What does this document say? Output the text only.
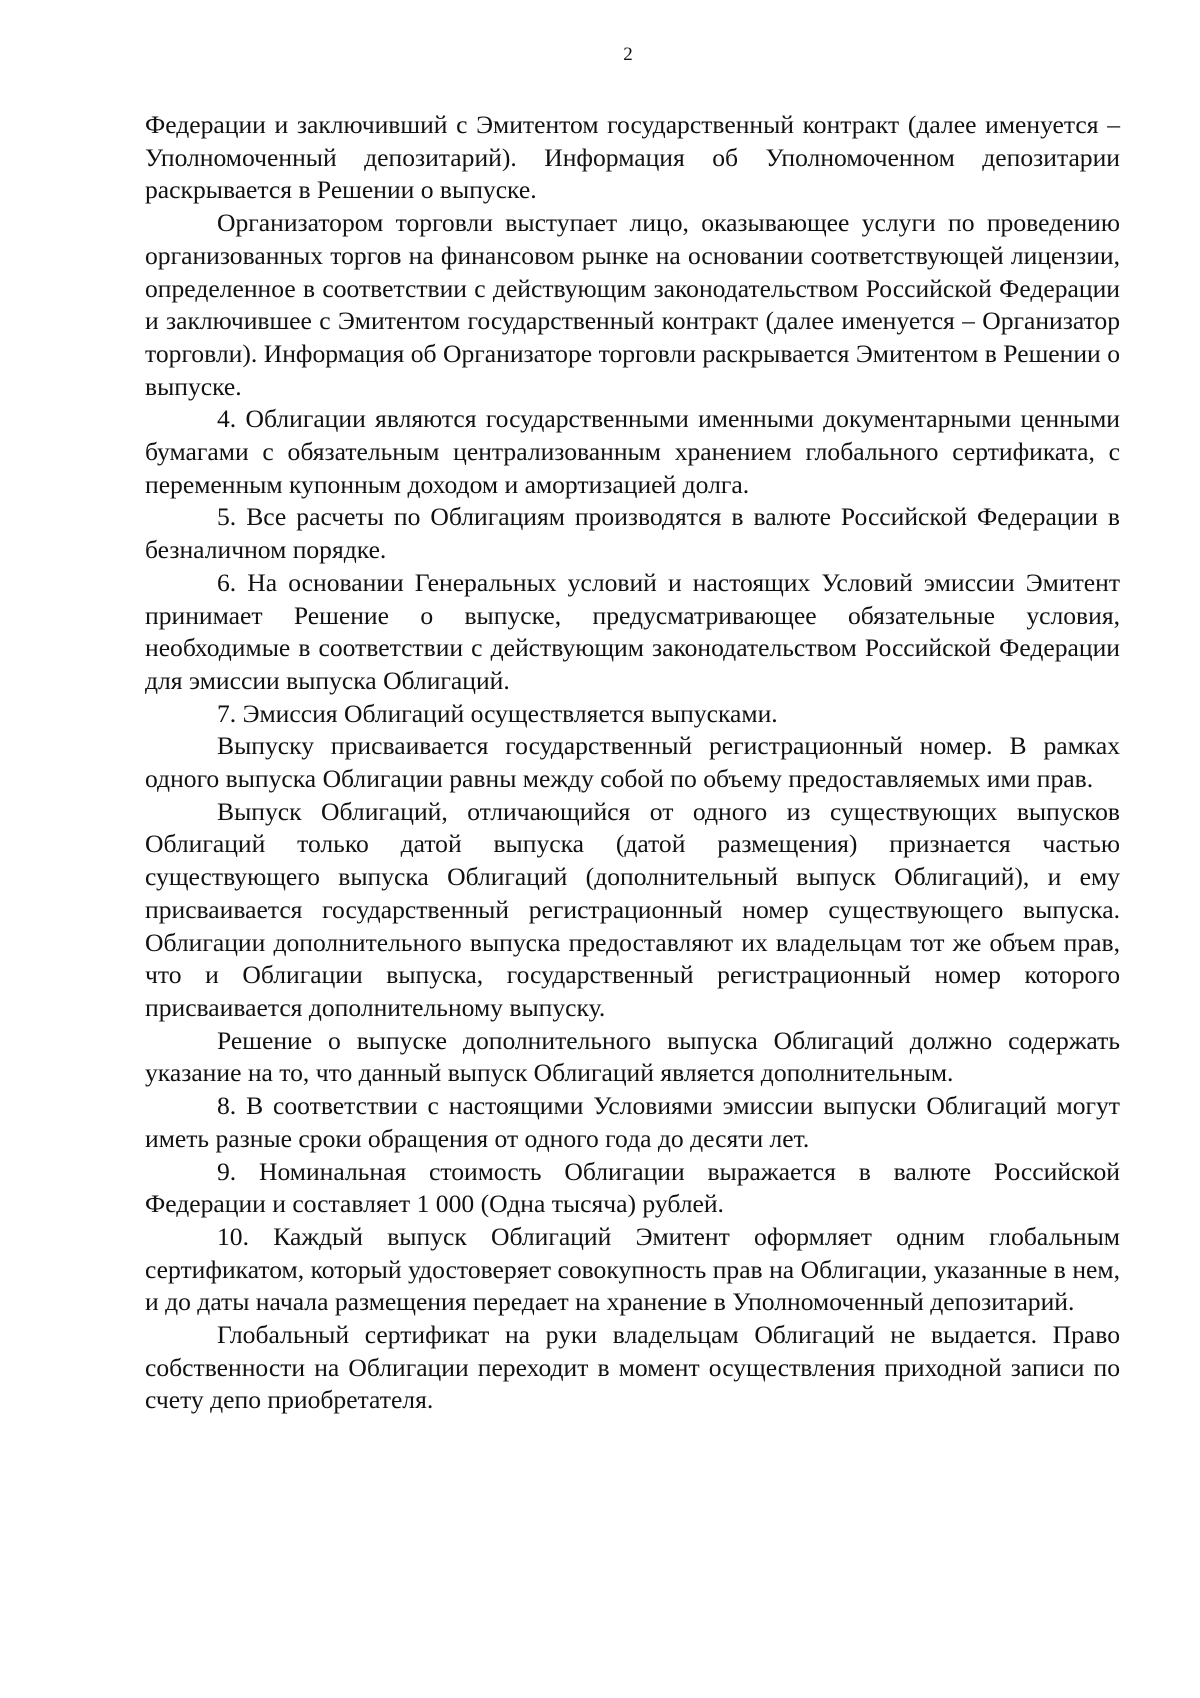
2

Федерации и заключивший с Эмитентом государственный контракт (далее именуется – Уполномоченный депозитарий). Информация об Уполномоченном депозитарии раскрывается в Решении о выпуске.

Организатором торговли выступает лицо, оказывающее услуги по проведению организованных торгов на финансовом рынке на основании соответствующей лицензии, определенное в соответствии с действующим законодательством Российской Федерации и заключившее с Эмитентом государственный контракт (далее именуется – Организатор торговли). Информация об Организаторе торговли раскрывается Эмитентом в Решении о выпуске.

4. Облигации являются государственными именными документарными ценными бумагами с обязательным централизованным хранением глобального сертификата, с переменным купонным доходом и амортизацией долга.

5. Все расчеты по Облигациям производятся в валюте Российской Федерации в безналичном порядке.

6. На основании Генеральных условий и настоящих Условий эмиссии Эмитент принимает Решение о выпуске, предусматривающее обязательные условия, необходимые в соответствии с действующим законодательством Российской Федерации для эмиссии выпуска Облигаций.

7. Эмиссия Облигаций осуществляется выпусками.

Выпуску присваивается государственный регистрационный номер. В рамках одного выпуска Облигации равны между собой по объему предоставляемых ими прав.

Выпуск Облигаций, отличающийся от одного из существующих выпусков Облигаций только датой выпуска (датой размещения) признается частью существующего выпуска Облигаций (дополнительный выпуск Облигаций), и ему присваивается государственный регистрационный номер существующего выпуска. Облигации дополнительного выпуска предоставляют их владельцам тот же объем прав, что и Облигации выпуска, государственный регистрационный номер которого присваивается дополнительному выпуску.

Решение о выпуске дополнительного выпуска Облигаций должно содержать указание на то, что данный выпуск Облигаций является дополнительным.

8. В соответствии с настоящими Условиями эмиссии выпуски Облигаций могут иметь разные сроки обращения от одного года до десяти лет.

9. Номинальная стоимость Облигации выражается в валюте Российской Федерации и составляет 1 000 (Одна тысяча) рублей.

10. Каждый выпуск Облигаций Эмитент оформляет одним глобальным сертификатом, который удостоверяет совокупность прав на Облигации, указанные в нем, и до даты начала размещения передает на хранение в Уполномоченный депозитарий.

Глобальный сертификат на руки владельцам Облигаций не выдается. Право собственности на Облигации переходит в момент осуществления приходной записи по счету депо приобретателя.
